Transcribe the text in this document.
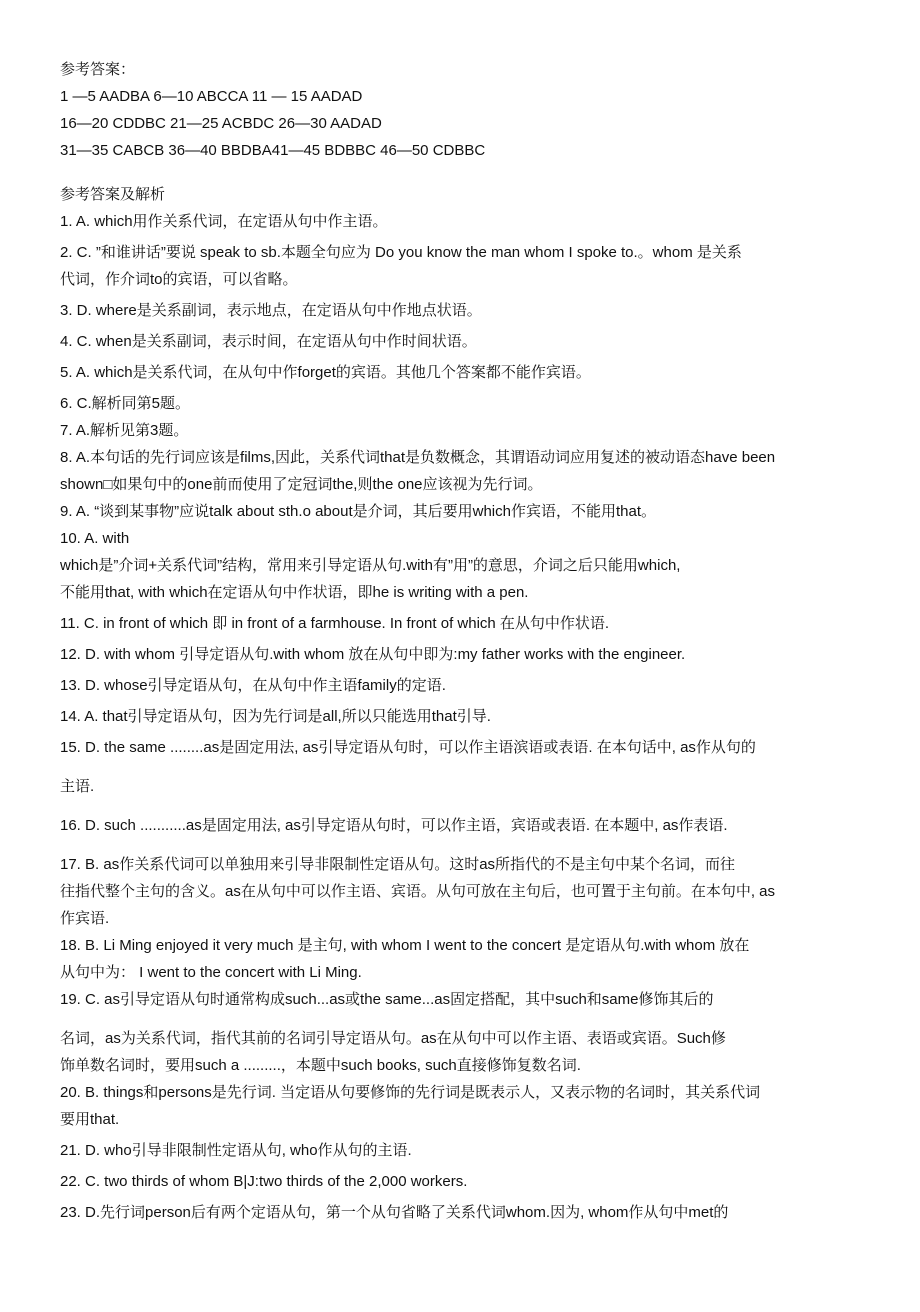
参考答案：
1 —5 AADBA 6—10 ABCCA 11 — 15 AADAD
16—20 CDDBC 21—25 ACBDC 26—30 AADAD
31—35 CABCB 36—40 BBDBA41—45 BDBBC 46—50 CDBBC
参考答案及解析
1. A. which用作关系代词，在定语从句中作主语。
2. C. ”和谁讲话”要说 speak to sb.本题全句应为 Do you know the man whom I spoke to.。whom 是关系
代词，作介词to的宾语，可以省略。
3. D. where是关系副词，表示地点，在定语从句中作地点状语。
4. C. when是关系副词，表示时间，在定语从句中作时间状语。
5. A. which是关系代词，在从句中作forget的宾语。其他几个答案都不能作宾语。
6. C.解析同第5题。
7. A.解析见第3题。
8. A.本句话的先行词应该是films,因此，关系代词that是负数概念，其谓语动词应用复述的被动语态have been
shown□如果句中的one前而使用了定冠词the,则the one应该视为先行词。
9. A. “谈到某事物”应说talk about sth.o about是介词，其后要用which作宾语，不能用that。
10. A. with
which是”介词+关系代词”结构，常用来引导定语从句.with有”用”的意思，介词之后只能用which,
不能用that, with which在定语从句中作状语，即he is writing with a pen.
11. C. in front of which 即 in front of a farmhouse. In front of which 在从句中作状语.
12. D. with whom 引导定语从句.with whom 放在从句中即为:my father works with the engineer.
13. D. whose引导定语从句，在从句中作主语family的定语.
14. A. that引导定语从句，因为先行词是all,所以只能选用that引导.
15. D. the same ........as是固定用法, as引导定语从句时，可以作主语滨语或表语. 在本句话中, as作从句的
主语.
16. D. such ...........as是固定用法, as引导定语从句时，可以作主语，宾语或表语. 在本题中, as作表语.
17. B. as作关系代词可以单独用来引导非限制性定语从句。这时as所指代的不是主句中某个名词，而往
往指代整个主句的含义。as在从句中可以作主语、宾语。从句可放在主句后，也可置于主句前。在本句中, as
作宾语.
18. B. Li Ming enjoyed it very much 是主句, with whom I went to the concert 是定语从句.with whom 放在
从句中为： I went to the concert with Li Ming.
19. C. as引导定语从句时通常构成such...as或the same...as固定搭配，其中such和same修饰其后的
名词，as为关系代词，指代其前的名词引导定语从句。as在从句中可以作主语、表语或宾语。Such修
饰单数名词时，要用such a .........，本题中such books, such直接修饰复数名词.
20. B. things和persons是先行词. 当定语从句要修饰的先行词是既表示人，又表示物的名词时，其关系代词
要用that.
21. D. who引导非限制性定语从句, who作从句的主语.
22. C. two thirds of whom B|J:two thirds of the 2,000 workers.
23. D.先行词person后有两个定语从句，第一个从句省略了关系代词whom.因为, whom作从句中met的
